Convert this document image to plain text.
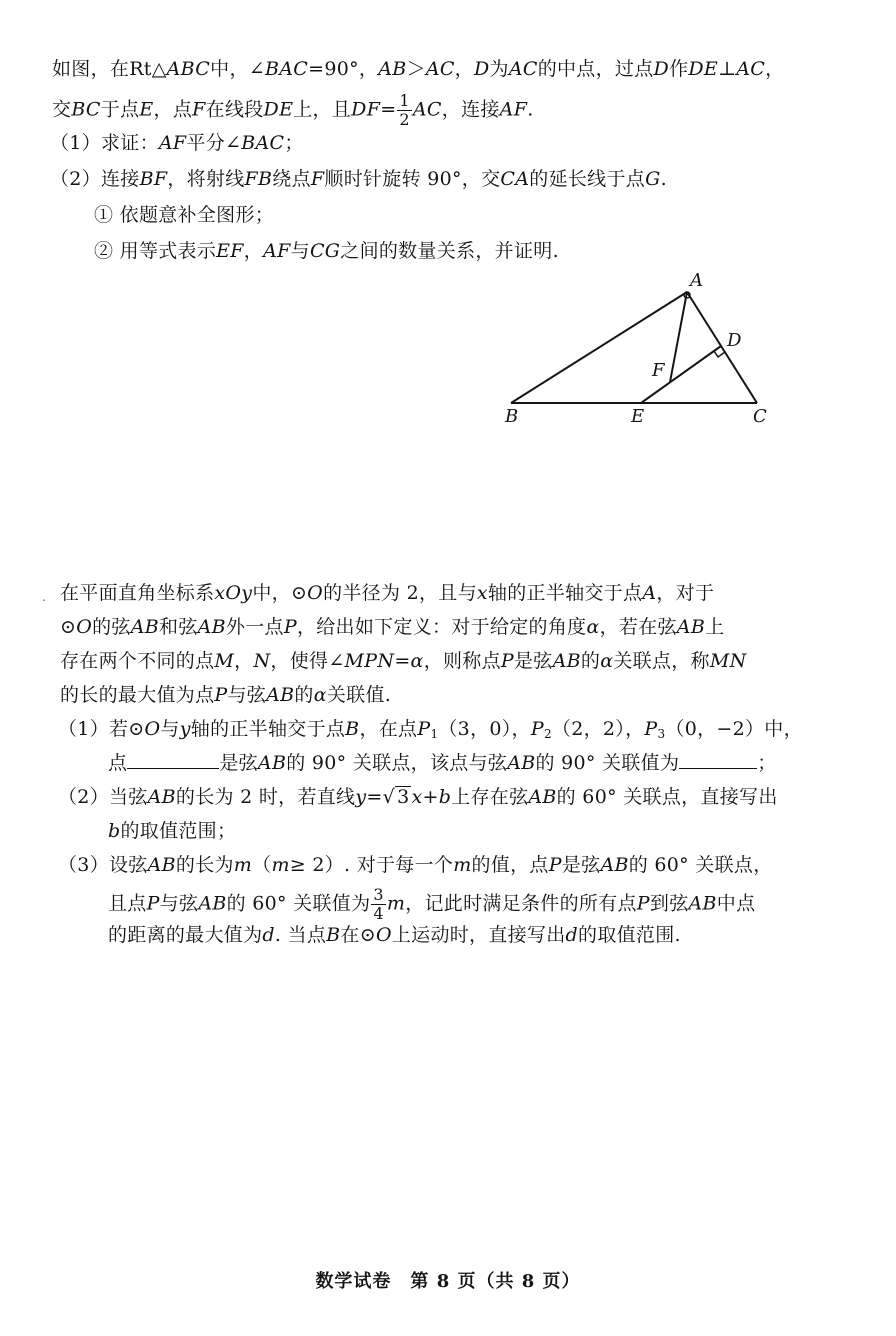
如图，在Rt△ABC中，∠BAC=90°，AB＞AC，D为AC的中点，过点D作DE⊥AC，
交BC于点E，点F在线段DE上，且$DF= \frac{1}{2}$ AC，连接AF.
（1）求证：AF平分∠BAC；
（2）连接BF，将射线FB绕点F顺时针旋转 90°，交CA的延长线于点G.
① 依题意补全图形；
② 用等式表示EF，AF与CG之间的数量关系，并证明.
A
B	C
D
E
F
. 在平面直角坐标系xOy中，⊙O的半径为 2，且与x轴的正半轴交于点A，对于
⊙O的弦AB和弦AB外一点P，给出如下定义：对于给定的角度α，若在弦AB上
存在两个不同的点M，N，使得∠MPN=α，则称点P是弦AB的α关联点，称MN
的长的最大值为点P与弦AB的α关联值.
（1）若⊙O与y轴的正半轴交于点B，在点$P_1(3$，0），$P_2(2$，2），$P_3(0$，−2）中，
点	是弦AB的 90° 关联点，该点与弦AB的 90° 关联值为	；
（2）当弦AB的长为 2 时，若直线y=√ 3 x+b上存在弦AB的 60° 关联点，直接写出
b的取值范围；
（3）设弦AB的长为m（m≥ 2）. 对于每一个m的值，点P是弦AB的 60° 关联点，
且点P与弦AB的 60° 关联值为 $\frac{3}{4}$ m，记此时满足条件的所有点P到弦AB中点
的距离的最大值为d. 当点B在⊙O上运动时，直接写出d的取值范围.
数学试卷　第 8 页（共 8 页）
